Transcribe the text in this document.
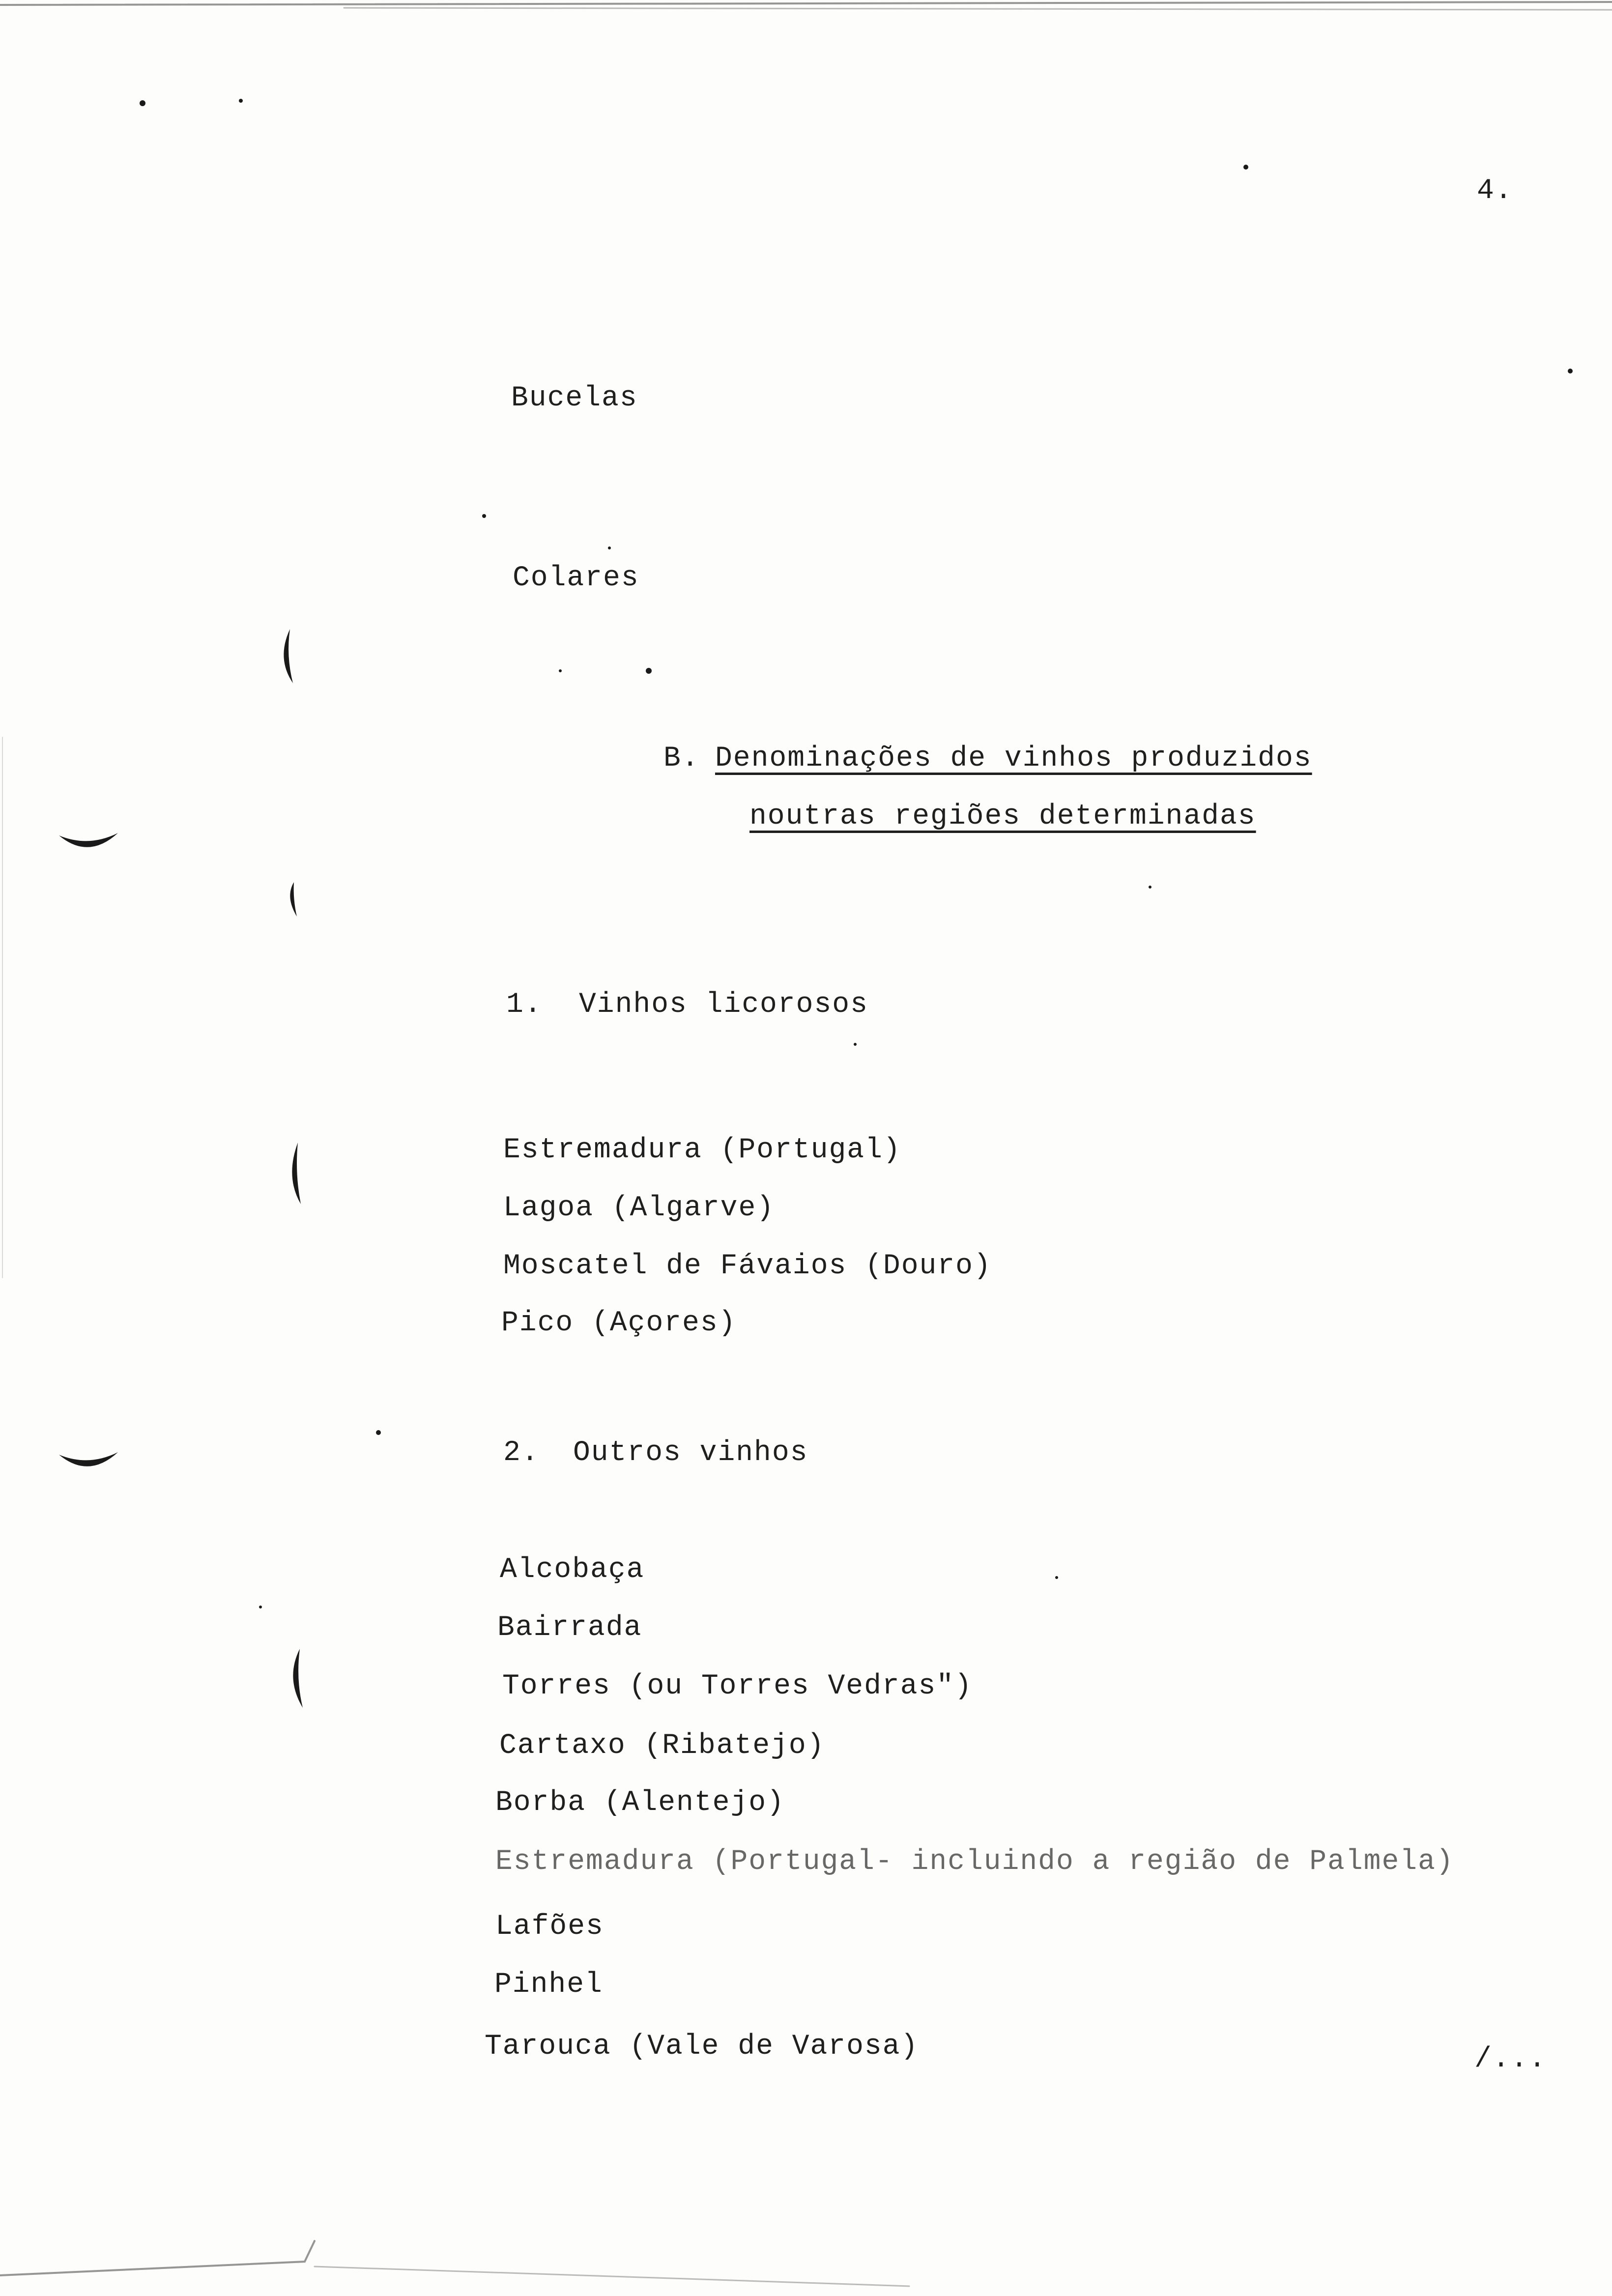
4.
Bucelas
Colares
B. Denominações de vinhos produzidos
noutras regiões determinadas
1. Vinhos licorosos
Estremadura (Portugal)
Lagoa (Algarve)
Moscatel de Fávaios (Douro)
Pico (Açores)
2. Outros vinhos
Alcobaça
Bairrada
Torres (ou Torres Vedras")
Cartaxo (Ribatejo)
Borba (Alentejo)
Estremadura (Portugal- incluindo a região de Palmela)
Lafões
Pinhel
Tarouca (Vale de Varosa)	/...
